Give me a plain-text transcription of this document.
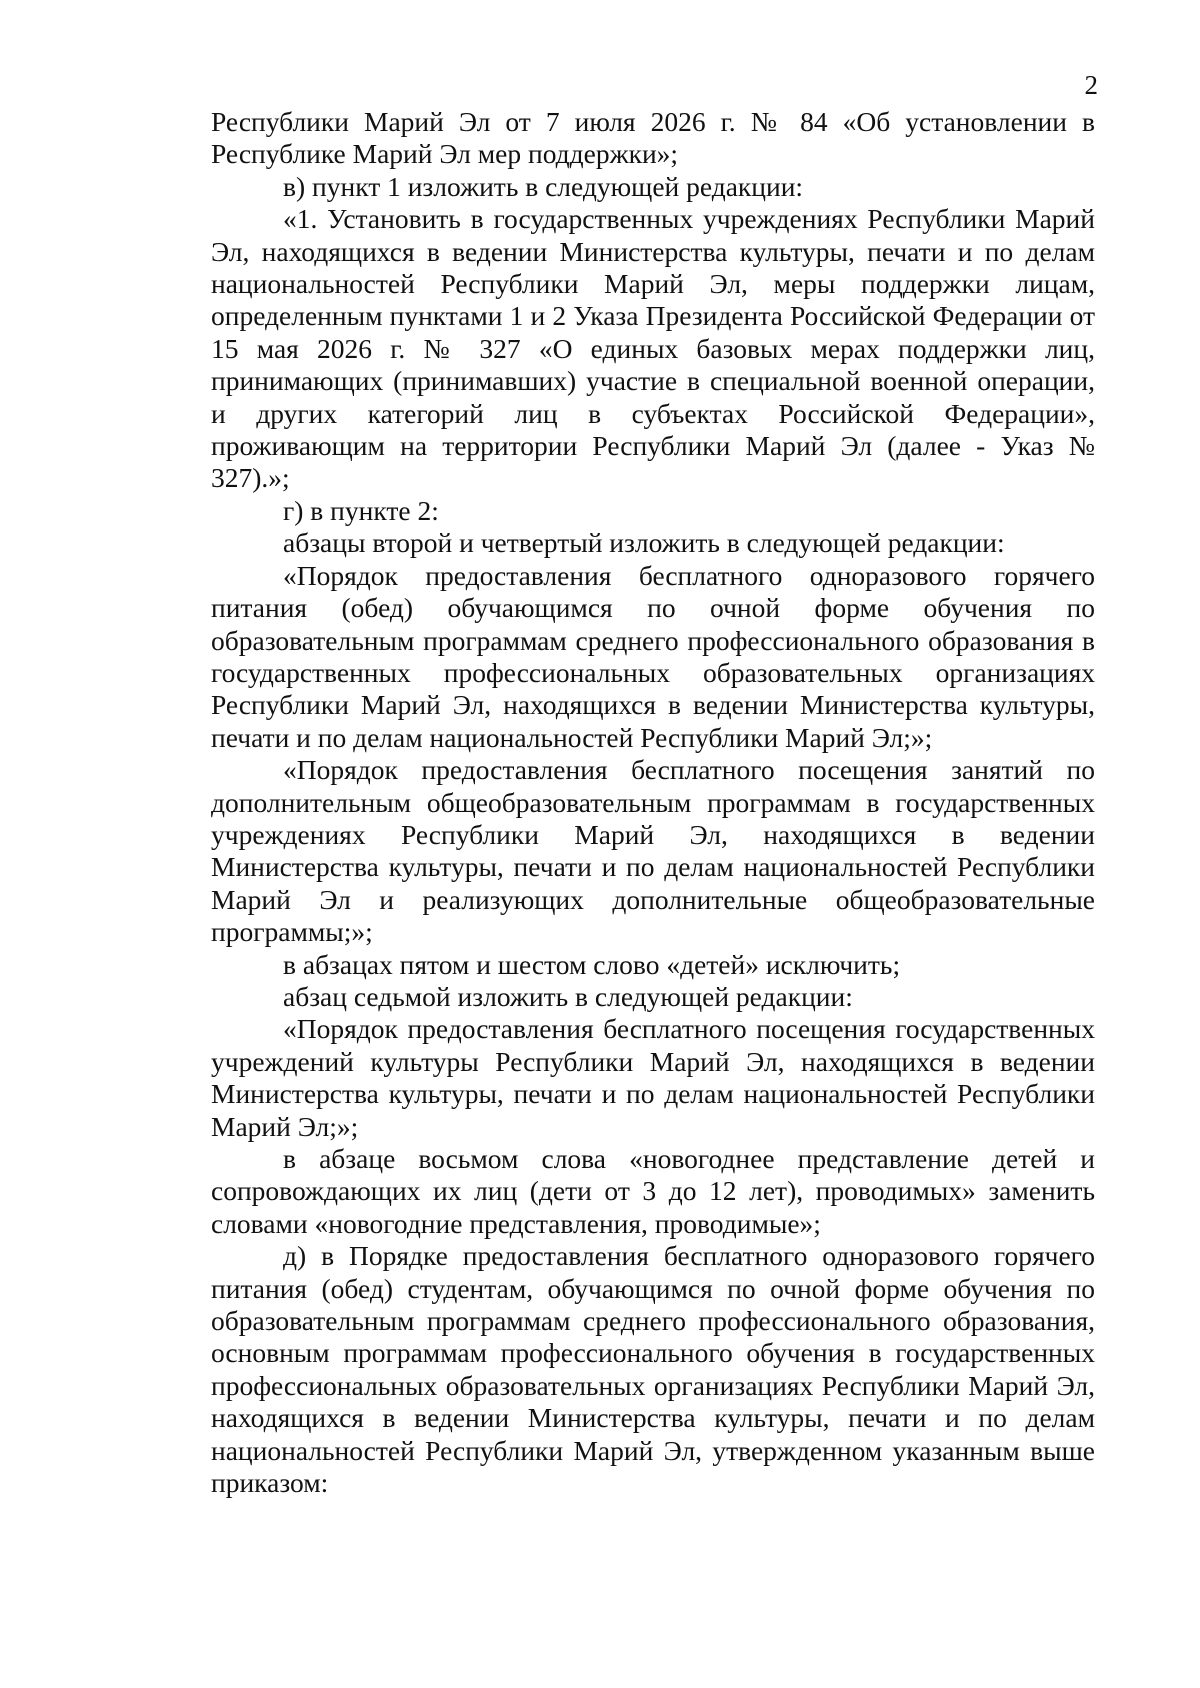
2

Республики Марий Эл от 7 июля 2026 г. № 84 «Об установлении в Республике Марий Эл мер поддержки»;

в) пункт 1 изложить в следующей редакции:

«1. Установить в государственных учреждениях Республики Марий Эл, находящихся в ведении Министерства культуры, печати и по делам национальностей Республики Марий Эл, меры поддержки лицам, определенным пунктами 1 и 2 Указа Президента Российской Федерации от 15 мая 2026 г. № 327 «О единых базовых мерах поддержки лиц, принимающих (принимавших) участие в специальной военной операции, и других категорий лиц в субъектах Российской Федерации», проживающим на территории Республики Марий Эл (далее - Указ № 327).»;

г) в пункте 2:

абзацы второй и четвертый изложить в следующей редакции:

«Порядок предоставления бесплатного одноразового горячего питания (обед) обучающимся по очной форме обучения по образовательным программам среднего профессионального образования в государственных профессиональных образовательных организациях Республики Марий Эл, находящихся в ведении Министерства культуры, печати и по делам национальностей Республики Марий Эл;»;

«Порядок предоставления бесплатного посещения занятий по дополнительным общеобразовательным программам в государственных учреждениях Республики Марий Эл, находящихся в ведении Министерства культуры, печати и по делам национальностей Республики Марий Эл и реализующих дополнительные общеобразовательные программы;»;

в абзацах пятом и шестом слово «детей» исключить;

абзац седьмой изложить в следующей редакции:

«Порядок предоставления бесплатного посещения государственных учреждений культуры Республики Марий Эл, находящихся в ведении Министерства культуры, печати и по делам национальностей Республики Марий Эл;»;

в абзаце восьмом слова «новогоднее представление детей и сопровождающих их лиц (дети от 3 до 12 лет), проводимых» заменить словами «новогодние представления, проводимые»;

д) в Порядке предоставления бесплатного одноразового горячего питания (обед) студентам, обучающимся по очной форме обучения по образовательным программам среднего профессионального образования, основным программам профессионального обучения в государственных профессиональных образовательных организациях Республики Марий Эл, находящихся в ведении Министерства культуры, печати и по делам национальностей Республики Марий Эл, утвержденном указанным выше приказом:
